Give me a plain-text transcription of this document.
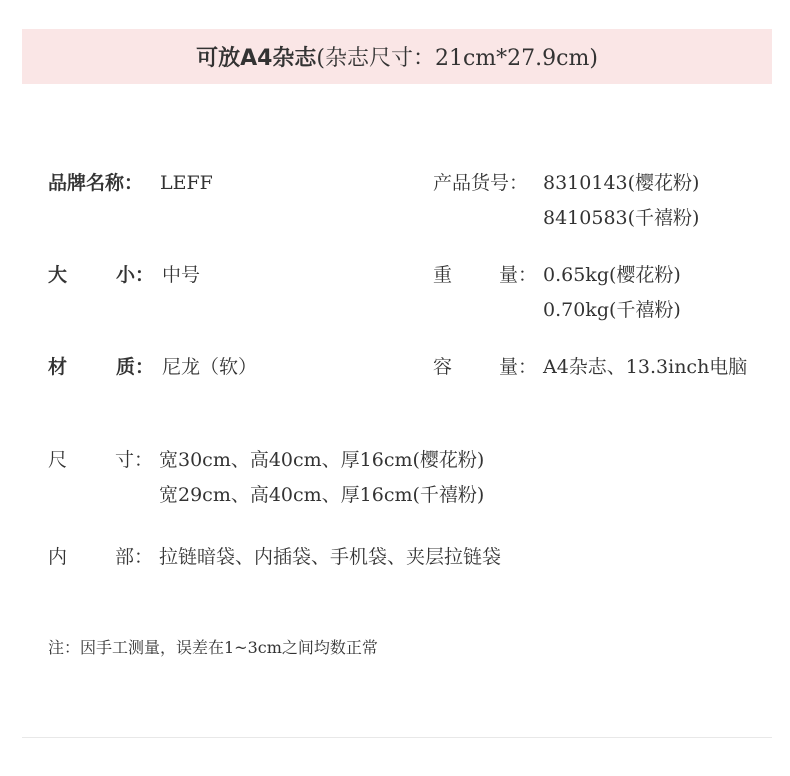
可放A4杂志 (杂志尺寸：21cm*27.9cm)
品牌名称： LEFF	产品货号： 8310143(樱花粉)
8410583(千禧粉)
大	小： 中号	重 量： 0.65kg(樱花粉)
0.70kg(千禧粉)
材	质： 尼龙（软）	容 量： A4杂志、13.3inch电脑
尺	寸： 宽30cm、高40cm、厚16cm(樱花粉)
宽29cm、高40cm、厚16cm(千禧粉)
内	部： 拉链暗袋、内插袋、手机袋、夹层拉链袋
注：因手工测量，误差在1~3cm之间均数正常
